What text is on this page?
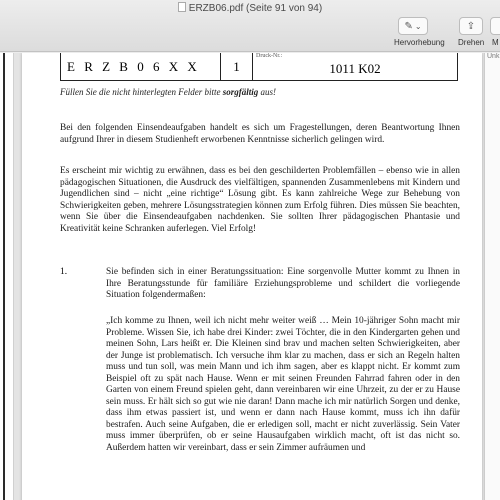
ERZB06.pdf (Seite 91 von 94)
✎ ⌄	⇪
Hervorhebung Drehen M
E R Z B 0 6 X X	1
Druck-Nr.:
1011 K02
Füllen Sie die nicht hinterlegten Felder bitte sorgfältig aus!

Bei den folgenden Einsendeaufgaben handelt es sich um Fragestellungen, deren Beantwortung Ihnen aufgrund Ihrer in diesem Studienheft erworbenen Kenntnisse sicherlich gelingen wird.

Es erscheint mir wichtig zu erwähnen, dass es bei den geschilderten Problemfällen – ebenso wie in allen pädagogischen Situationen, die Ausdruck des vielfältigen, spannenden Zusammenlebens mit Kindern und Jugendlichen sind – nicht „eine richtige“ Lösung gibt. Es kann zahlreiche Wege zur Behebung von Schwierigkeiten geben, mehrere Lösungsstrategien können zum Erfolg führen. Dies müssen Sie beachten, wenn Sie über die Einsendeaufgaben nachdenken. Sie sollten Ihrer pädagogischen Phantasie und Kreativität keine Schranken auferlegen. Viel Erfolg!

1.	Sie befinden sich in einer Beratungssituation: Eine sorgenvolle Mutter kommt zu Ihnen in Ihre Beratungsstunde für familiäre Erziehungsprobleme und schildert die vorliegende Situation folgendermaßen:

„Ich komme zu Ihnen, weil ich nicht mehr weiter weiß … Mein 10-jähriger Sohn macht mir Probleme. Wissen Sie, ich habe drei Kinder: zwei Töchter, die in den Kindergarten gehen und meinen Sohn, Lars heißt er. Die Kleinen sind brav und machen selten Schwierigkeiten, aber der Junge ist problematisch. Ich versuche ihm klar zu machen, dass er sich an Regeln halten muss und tun soll, was mein Mann und ich ihm sagen, aber es klappt nicht. Er kommt zum Beispiel oft zu spät nach Hause. Wenn er mit seinen Freunden Fahrrad fahren oder in den Garten von einem Freund spielen geht, dann vereinbaren wir eine Uhrzeit, zu der er zu Hause sein muss. Er hält sich so gut wie nie daran! Dann mache ich mir natürlich Sorgen und denke, dass ihm etwas passiert ist, und wenn er dann nach Hause kommt, muss ich ihn dafür bestrafen. Auch seine Aufgaben, die er erledigen soll, macht er nicht zuverlässig. Sein Vater muss immer überprüfen, ob er seine Hausaufgaben wirklich macht, oft ist das nicht so. Außerdem hatten wir vereinbart, dass er sein Zimmer aufräumen und

Unk
